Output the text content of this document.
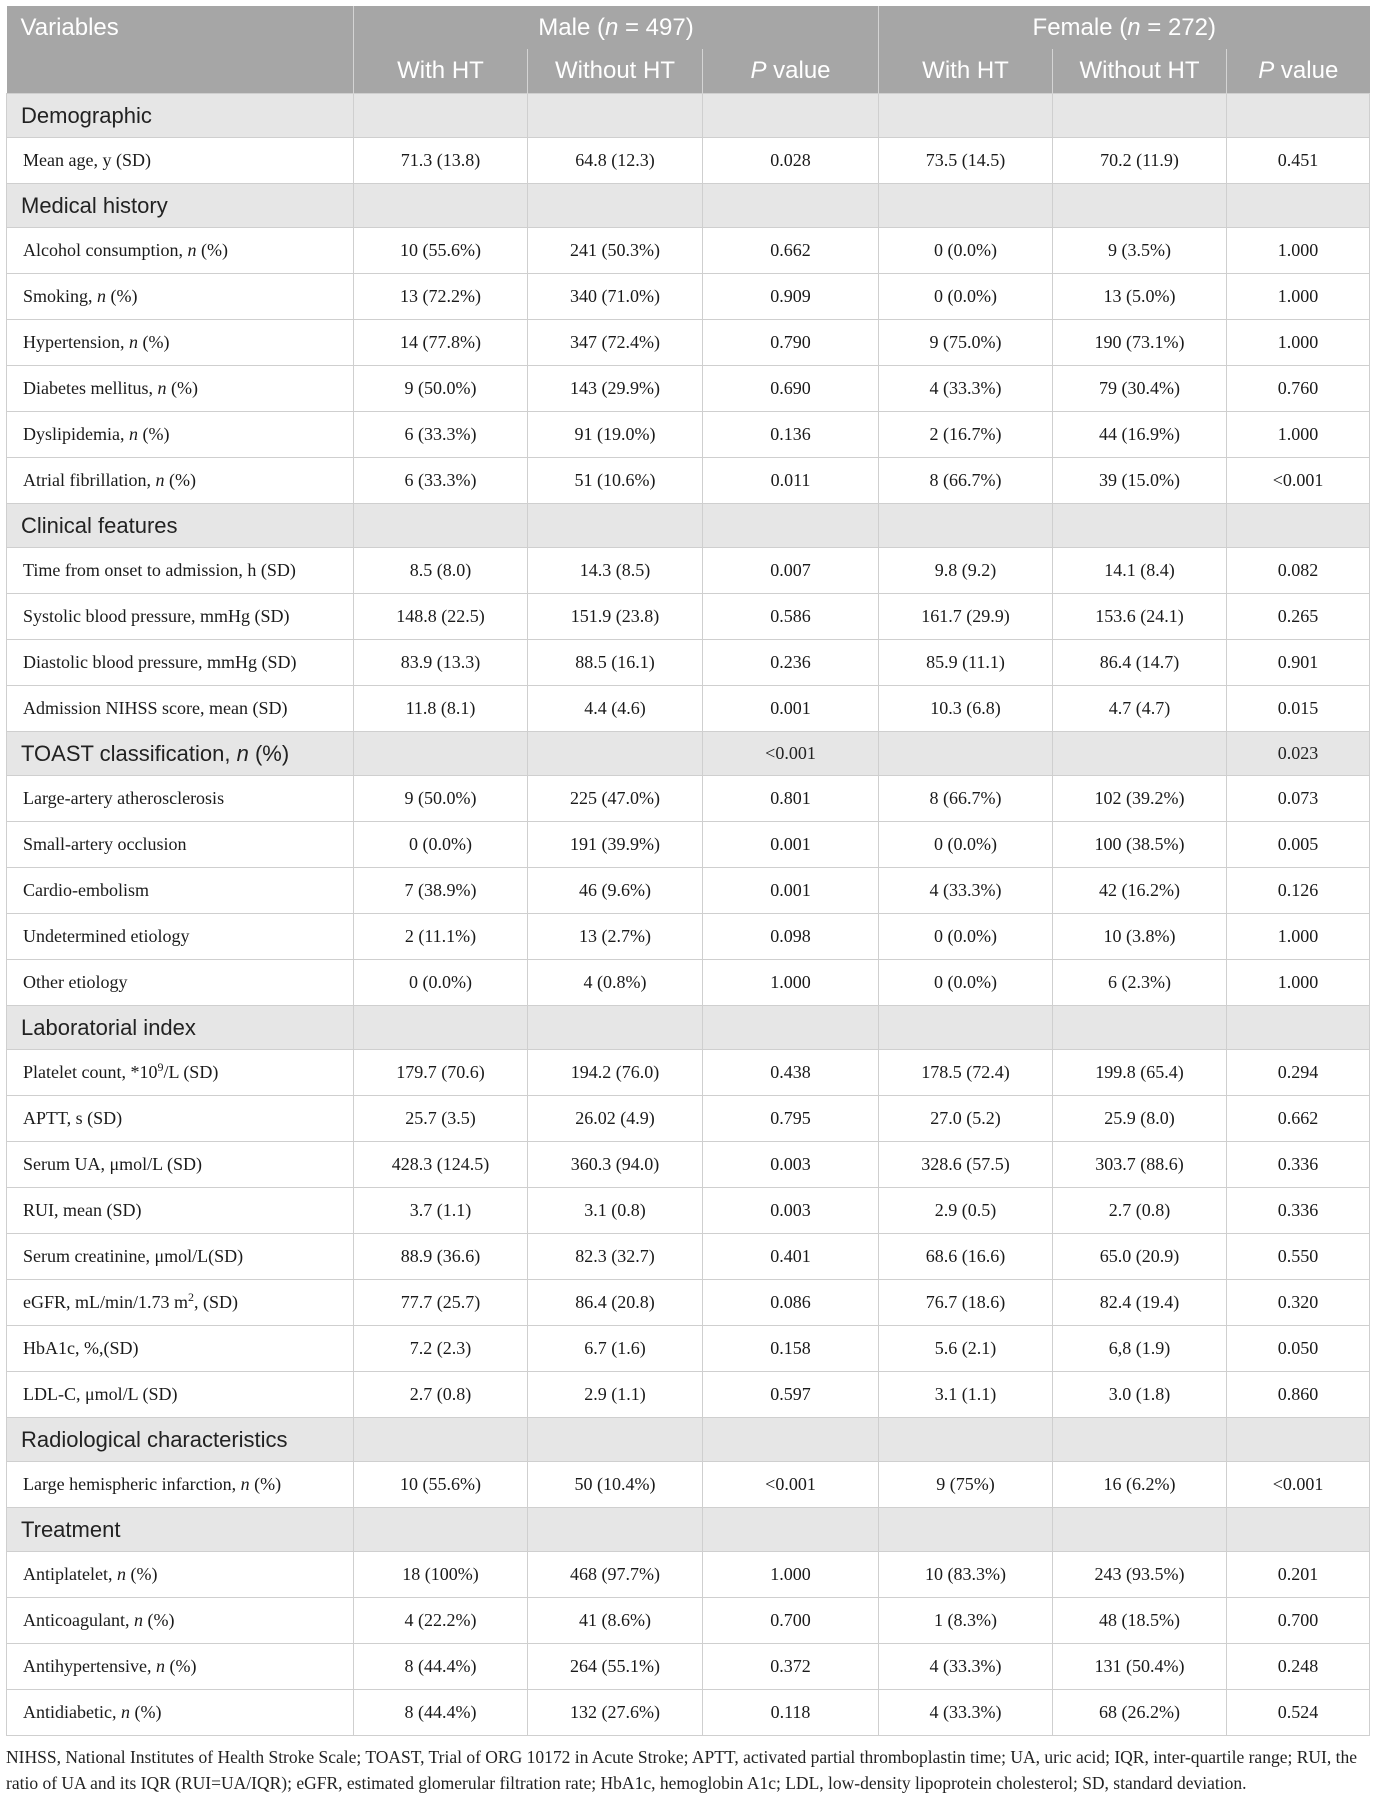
Variables	Male (n = 497)			Female (n = 272)		
	With HT	Without HT	P value	With HT	Without HT	P value
Demographic						
Mean age, y (SD)	71.3 (13.8)	64.8 (12.3)	0.028	73.5 (14.5)	70.2 (11.9)	0.451
Medical history						
Alcohol consumption, n (%)	10 (55.6%)	241 (50.3%)	0.662	0 (0.0%)	9 (3.5%)	1.000
Smoking, n (%)	13 (72.2%)	340 (71.0%)	0.909	0 (0.0%)	13 (5.0%)	1.000
Hypertension, n (%)	14 (77.8%)	347 (72.4%)	0.790	9 (75.0%)	190 (73.1%)	1.000
Diabetes mellitus, n (%)	9 (50.0%)	143 (29.9%)	0.690	4 (33.3%)	79 (30.4%)	0.760
Dyslipidemia, n (%)	6 (33.3%)	91 (19.0%)	0.136	2 (16.7%)	44 (16.9%)	1.000
Atrial fibrillation, n (%)	6 (33.3%)	51 (10.6%)	0.011	8 (66.7%)	39 (15.0%)	<0.001
Clinical features						
Time from onset to admission, h (SD)	8.5 (8.0)	14.3 (8.5)	0.007	9.8 (9.2)	14.1 (8.4)	0.082
Systolic blood pressure, mmHg (SD)	148.8 (22.5)	151.9 (23.8)	0.586	161.7 (29.9)	153.6 (24.1)	0.265
Diastolic blood pressure, mmHg (SD)	83.9 (13.3)	88.5 (16.1)	0.236	85.9 (11.1)	86.4 (14.7)	0.901
Admission NIHSS score, mean (SD)	11.8 (8.1)	4.4 (4.6)	0.001	10.3 (6.8)	4.7 (4.7)	0.015
TOAST classification, n (%)			<0.001			0.023
Large-artery atherosclerosis	9 (50.0%)	225 (47.0%)	0.801	8 (66.7%)	102 (39.2%)	0.073
Small-artery occlusion	0 (0.0%)	191 (39.9%)	0.001	0 (0.0%)	100 (38.5%)	0.005
Cardio-embolism	7 (38.9%)	46 (9.6%)	0.001	4 (33.3%)	42 (16.2%)	0.126
Undetermined etiology	2 (11.1%)	13 (2.7%)	0.098	0 (0.0%)	10 (3.8%)	1.000
Other etiology	0 (0.0%)	4 (0.8%)	1.000	0 (0.0%)	6 (2.3%)	1.000
Laboratorial index						
Platelet count, $*10^9/L$ (SD)	179.7 (70.6)	194.2 (76.0)	0.438	178.5 (72.4)	199.8 (65.4)	0.294
APTT, s (SD)	25.7 (3.5)	26.02 (4.9)	0.795	27.0 (5.2)	25.9 (8.0)	0.662
Serum UA, μmol/L (SD)	428.3 (124.5)	360.3 (94.0)	0.003	328.6 (57.5)	303.7 (88.6)	0.336
RUI, mean (SD)	3.7 (1.1)	3.1 (0.8)	0.003	2.9 (0.5)	2.7 (0.8)	0.336
Serum creatinine, μmol/L(SD)	88.9 (36.6)	82.3 (32.7)	0.401	68.6 (16.6)	65.0 (20.9)	0.550
eGFR, mL/min/1.73 $m^2$, (SD)	77.7 (25.7)	86.4 (20.8)	0.086	76.7 (18.6)	82.4 (19.4)	0.320
HbA1c, %,(SD)	7.2 (2.3)	6.7 (1.6)	0.158	5.6 (2.1)	6,8 (1.9)	0.050
LDL-C, μmol/L (SD)	2.7 (0.8)	2.9 (1.1)	0.597	3.1 (1.1)	3.0 (1.8)	0.860
Radiological characteristics						
Large hemispheric infarction, n (%)	10 (55.6%)	50 (10.4%)	<0.001	9 (75%)	16 (6.2%)	<0.001
Treatment						
Antiplatelet, n (%)	18 (100%)	468 (97.7%)	1.000	10 (83.3%)	243 (93.5%)	0.201
Anticoagulant, n (%)	4 (22.2%)	41 (8.6%)	0.700	1 (8.3%)	48 (18.5%)	0.700
Antihypertensive, n (%)	8 (44.4%)	264 (55.1%)	0.372	4 (33.3%)	131 (50.4%)	0.248
Antidiabetic, n (%)	8 (44.4%)	132 (27.6%)	0.118	4 (33.3%)	68 (26.2%)	0.524
NIHSS, National Institutes of Health Stroke Scale; TOAST, Trial of ORG 10172 in Acute Stroke; APTT, activated partial thromboplastin time; UA, uric acid; IQR, inter-quartile range; RUI, the ratio of UA and its IQR (RUI=UA/IQR); eGFR, estimated glomerular filtration rate; HbA1c, hemoglobin A1c; LDL, low-density lipoprotein cholesterol; SD, standard deviation.
